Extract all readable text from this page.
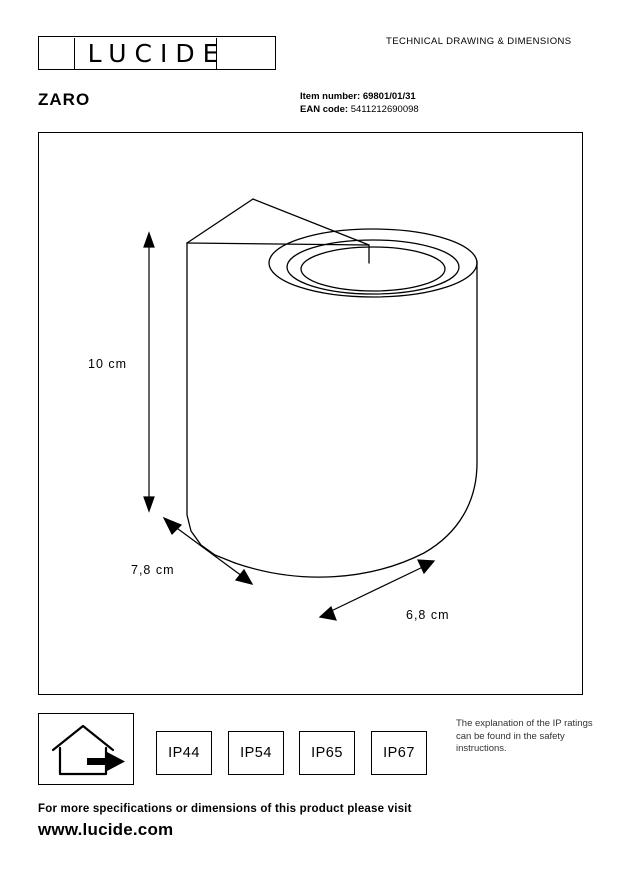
LUCIDE	TECHNICAL DRAWING & DIMENSIONS
ZARO	Item number: 69801/01/31
EAN code: 5411212690098
10 cm
7,8 cm
6,8 cm
IP44	IP54	IP65	IP67
The explanation of the IP ratings can be found in the safety instructions.
For more specifications or dimensions of this product please visit
www.lucide.com
